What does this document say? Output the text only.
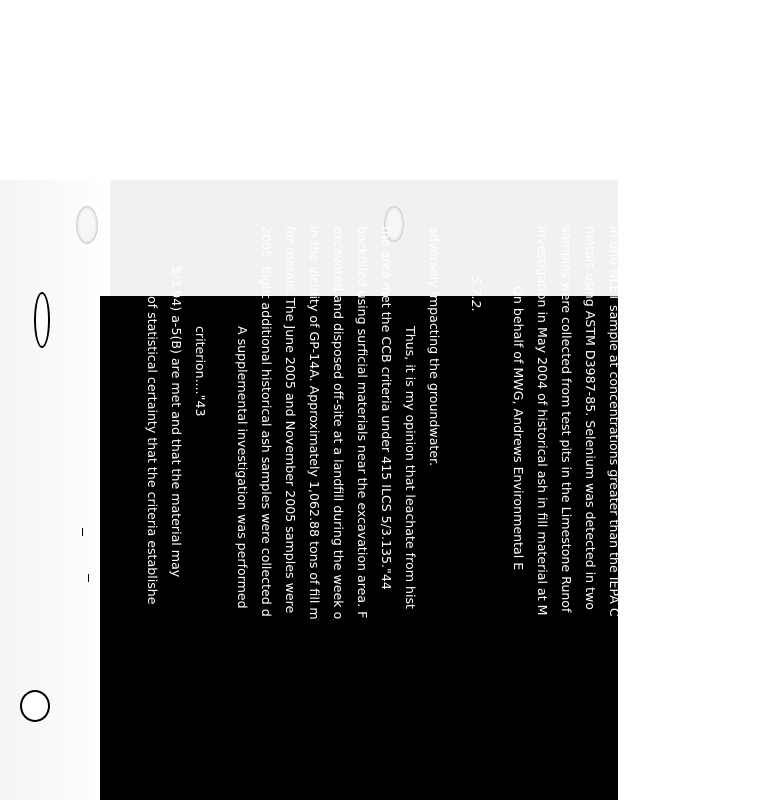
of statistical certainty that the criteria establishe 5/3.94) a-5(B) are met and that the material may criterion...."43 A supplemental investigation was performed 2005. Eight additional historical ash samples were collected d for metals. The June 2005 and November 2005 samples were in the vicinity of GP-14A. Approximately 1,062.88 tons of fill m excavated and disposed off-site at a landfill during the week o backfilled using surficial materials near the excavation area. F the area met the CCB criteria under 415 ILCS 5/3.135."44 Thus, it is my opinion that leachate from hist adversely impacting the groundwater. 5.7.2. On behalf of MWG, Andrews Environmental E investigation in May 2004 of historical ash in fill material at M samples were collected from test pits in the Limestone Runof metals using ASTM D3987-85. Selenium was detected in two in one NLET sample at concentrations greater than the IEPA C metals in the NLET results from the eight ash samples were le standards. I reviewed selenium and chromium concentrations above Class I only selenium was detected at one location (MW-14) above the the period of record.45 Groundwater concentrations measured at 14 samp
